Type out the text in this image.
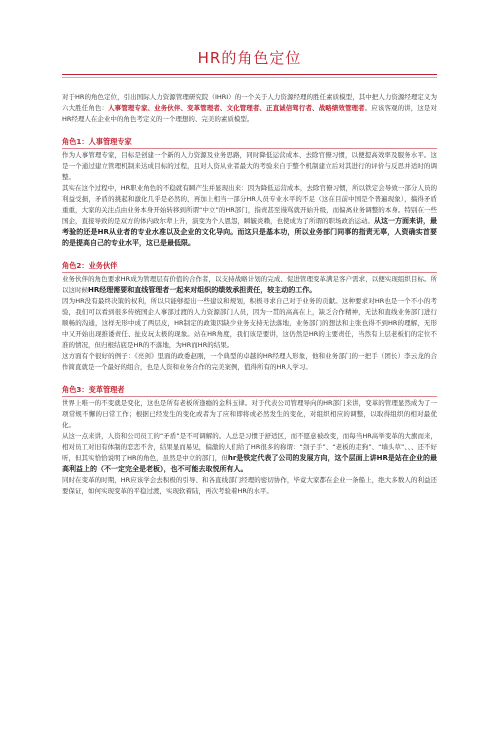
HR的角色定位

对于HR的角色定位，引出国际人力资源管理研究院（IHRI）的一个关于人力资源经理的胜任素质模型，其中把人力资源经理定义为六大胜任角色：人事管理专家、业务伙伴、变革管理者、文化管理者、正直诚信驾行者、战略绩效管理者。应该客观的讲，这是对HR经理人在企业中的角色考定义的一个理想的、完美的素质模型。

角色1：人事管理专家

作为人事管理专家，目标是创建一个新的人力资源及业务思路，同时降低运营成本、去除官僚习惯，以便提高效率及服务水平。这是一个通过建立管理机制来达成目标的过程，且对人资从业者最大的考验来自于整个机制建立后对其进行的评价与反思并适时的调整。

其实在这个过程中，HR职业角色的不稳就有瞬产生并显现出来：因为降低运营成本，去除官僚习惯，所以铁定会导致一部分人员的利益受损，矛盾的挑起和激化几乎是必然的，再加上相当一部分HR人员专业水平的不足（这在目前中国是个普遍现象），搞得矛盾重重，大家的关注点由业务本身开始转移到所谓“中立”的HR部门，指责甚至谩骂就开始升级，而偏离业务调整的本身。特别在一些国企，直接导致的是双方的体内政尔辈上升，演变为个人恩怨，瞬毓炎赖，也使成为了所谓的职场政治运动。从这一方面来讲，最考验的还是HR从业者的专业水准以及企业的文化导向。而这只是基本功，所以业务部门同事的指责无辜，人资确实首要的是提高自己的专业水平，这已是最低限。

角色2：业务伙伴

业务伙伴的角色要求HR成为管理层有价值的合作者，以支持战略计划的完成、促进管理变革满足客户需求，以便实现组织目标。所以这时候HR经理需要和直线管理者一起来对组织的绩效承担责任，较主动的工作。

因为HR没有最终决策的权利，所以只能够提出一些建议和规划，积极寻求自己对于业务的贡献。这种要求对HR也是一个不小的考验，我们可以看到很多传统国企人事部过渡的人力资源部门人员，因为一贯的高高在上，缺乏合作精神，无法和直线业务部门进行顺畅的沟通，这样无形中成了两层皮，HR制定的政策因缺少业务支持无法落地，业务部门的想法和主张也得不到HR的理解，无形中又开始出现推诿责任、扯皮玩太极的现象。站在HR角度，我们该是要讲，这仍然是HR的主要责任，当然有上层老板们的定位不准的情况，但归根结底是HR的不落地，为HR而HR的结果。

这方面有个很好的例子：《亮剑》里面的政委赵刚，一个典型的卓越的HR经理人形象，他和业务部门的一把手（团长）李云龙的合作简直就是一个最好的组合，也是人资和业务合作的完美案例，值得所有的HR人学习。

角色3：变革管理者

世界上唯一的不变就是变化，这也是所有老板所逢瘾的金科玉律。对于代表公司管理导向的HR部门来讲，变革的管理显然成为了一项常规不懈的日常工作；根据已经发生的变化或者为了应和即将或必然发生的变化，对组织相应的调整，以取得组织的相对最优化。

从这一点来讲，人资和公司员工的“矛盾”是不可调解的。人总是习惯于舒适区，而不愿意被改变，而每当HR高举变革的大旗而来，相对员工对旧有体制的恋恋不舍，结果显而易见，偏激的人们给了HR很多的称谓：“刽子手”、“老板的走狗”、“墙头草”、、、还不好听，但其实恰恰说明了HR的角色，虽然是中立的部门，但hr是铁定代表了公司的发展方向，这个层面上讲HR是站在企业的最高利益上的（不一定完全是老板），也不可能去取悦所有人。

同时在变革的时期，HR应该学会去积极的引导、和各直线部门经理的密切协作，毕竟大家都在企业一条船上，绝大多数人的利益还要保证，如何实现变革的平稳过渡，实现软着陆，再次考验着HR的水平。
